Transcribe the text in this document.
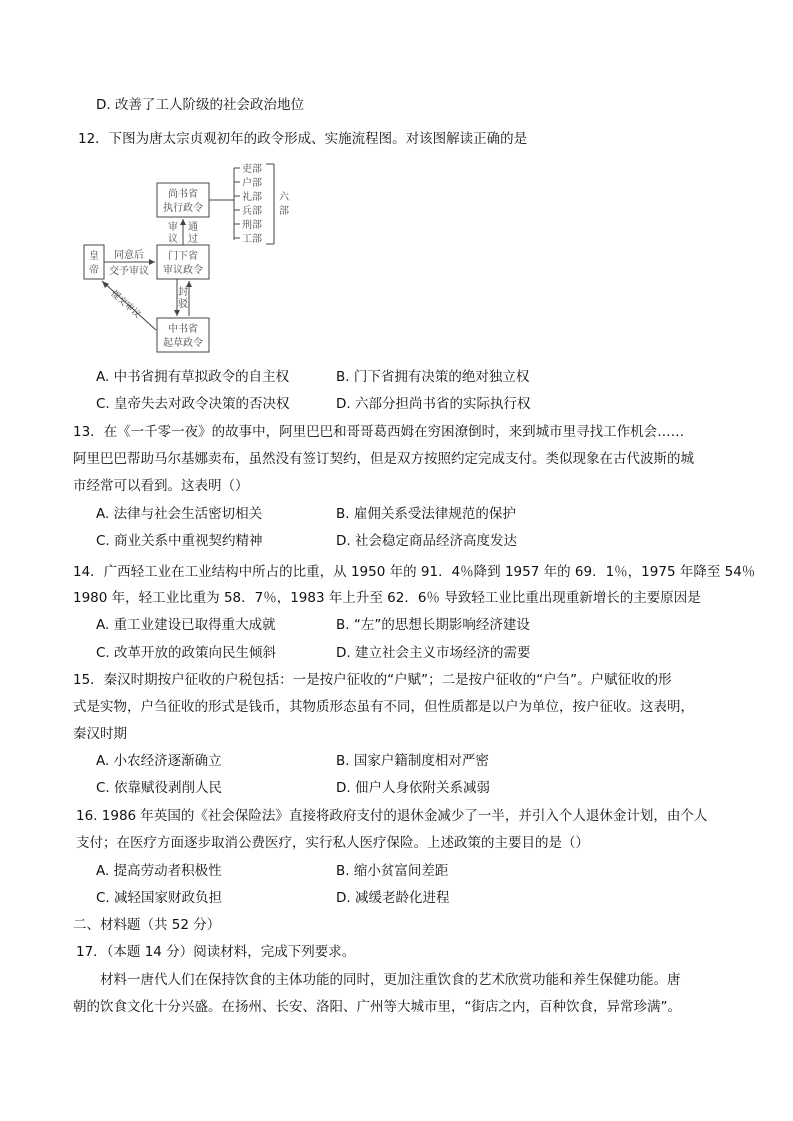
D. 改善了工人阶级的社会政治地位
12．下图为唐太宗贞观初年的政令形成、实施流程图。对该图解读正确的是
尚书省
执行政令
门下省
审议政令
中书省
起草政令
皇
帝
同意后
交予审议
审
议
通
过
封
驳
提交审议
吏部
户部
礼部
兵部
刑部
工部
六
部
A. 中书省拥有草拟政令的自主权	B. 门下省拥有决策的绝对独立权
C. 皇帝失去对政令决策的否决权	D. 六部分担尚书省的实际执行权
13．在《一千零一夜》的故事中，阿里巴巴和哥哥葛西姆在穷困潦倒时，来到城市里寻找工作机会……
阿里巴巴帮助马尔基娜卖布，虽然没有签订契约，但是双方按照约定完成支付。类似现象在古代波斯的城
市经常可以看到。这表明（）
A. 法律与社会生活密切相关	B. 雇佣关系受法律规范的保护
C. 商业关系中重视契约精神	D. 社会稳定商品经济高度发达
14．广西轻工业在工业结构中所占的比重，从 1950 年的 91．4％降到 1957 年的 69．1％，1975 年降至 54％
1980 年，轻工业比重为 58．7％，1983 年上升至 62．6％ 导致轻工业比重出现重新增长的主要原因是
A. 重工业建设已取得重大成就	B. “左”的思想长期影响经济建设
C. 改革开放的政策向民生倾斜	D. 建立社会主义市场经济的需要
15．秦汉时期按户征收的户税包括：一是按户征收的“户赋”；二是按户征收的“户刍”。户赋征收的形
式是实物，户刍征收的形式是钱币，其物质形态虽有不同，但性质都是以户为单位，按户征收。这表明，
秦汉时期
A. 小农经济逐渐确立	B. 国家户籍制度相对严密
C. 依靠赋役剥削人民	D. 佃户人身依附关系减弱
16. 1986 年英国的《社会保险法》直接将政府支付的退休金减少了一半，并引入个人退休金计划，由个人
支付；在医疗方面逐步取消公费医疗，实行私人医疗保险。上述政策的主要目的是（）
A. 提高劳动者积极性	B. 缩小贫富间差距
C. 减轻国家财政负担	D. 减缓老龄化进程
二、材料题（共 52 分）
17．（本题 14 分）阅读材料，完成下列要求。
材料一唐代人们在保持饮食的主体功能的同时，更加注重饮食的艺术欣赏功能和养生保健功能。唐
朝的饮食文化十分兴盛。在扬州、长安、洛阳、广州等大城市里，“街店之内，百种饮食，异常珍满”。
